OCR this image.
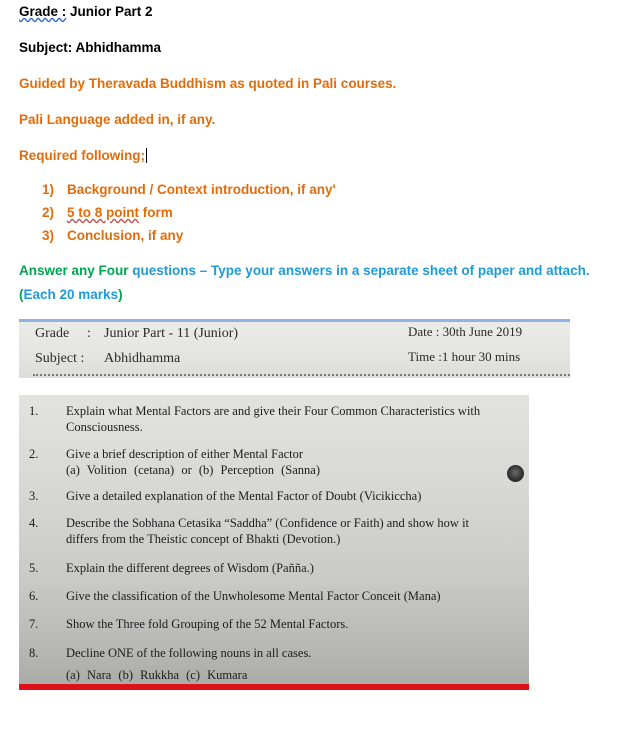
Grade : Junior Part 2
Subject: Abhidhamma
Guided by Theravada Buddhism as quoted in Pali courses.
Pali Language added in, if any.
Required following;
1) Background / Context introduction, if any'
2) 5 to 8 point form
3) Conclusion, if any
Answer any Four questions – Type your answers in a separate sheet of paper and attach.
(Each 20 marks)
Grade : Junior Part - 11 (Junior)	Date : 30th June 2019
Subject : Abhidhamma	Time :1 hour 30 mins
1. Explain what Mental Factors are and give their Four Common Characteristics with
Consciousness.
2. Give a brief description of either Mental Factor
(a) Volition (cetana) or (b) Perception (Sanna)
3. Give a detailed explanation of the Mental Factor of Doubt (Vicikiccha)
4. Describe the Sobhana Cetasika “Saddha” (Confidence or Faith) and show how it
differs from the Theistic concept of Bhakti (Devotion.)
5. Explain the different degrees of Wisdom (Pañña.)
6. Give the classification of the Unwholesome Mental Factor Conceit (Mana)
7. Show the Three fold Grouping of the 52 Mental Factors.
8. Decline ONE of the following nouns in all cases.
(a) Nara (b) Rukkha (c) Kumara
